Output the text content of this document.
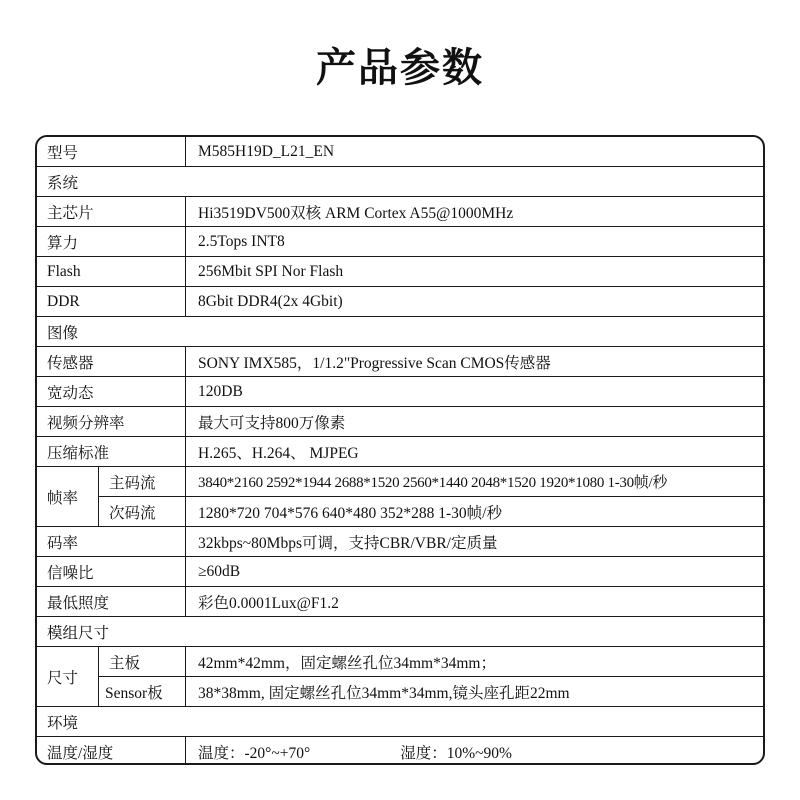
产品参数
型号	M585H19D_L21_EN
系统
主芯片	Hi3519DV500双核 ARM Cortex A55@1000MHz
算力	2.5Tops INT8
Flash	256Mbit SPI Nor Flash
DDR	8Gbit DDR4(2x 4Gbit)
图像
传感器	SONY IMX585，1/1.2"Progressive Scan CMOS传感器
宽动态	120DB
视频分辨率	最大可支持800万像素
压缩标准	H.265、H.264、 MJPEG
帧率
主码流	3840*2160 2592*1944 2688*1520 2560*1440 2048*1520 1920*1080 1-30帧/秒
次码流	1280*720 704*576 640*480 352*288 1-30帧/秒
码率	32kbps~80Mbps可调，支持CBR/VBR/定质量
信噪比	≥60dB
最低照度	彩色0.0001Lux@F1.2
模组尺寸
尺寸
主板	42mm*42mm，固定螺丝孔位34mm*34mm；
Sensor板	38*38mm, 固定螺丝孔位34mm*34mm,镜头座孔距22mm
环境
温度/湿度	温度：-20°~+70°	湿度：10%~90%
